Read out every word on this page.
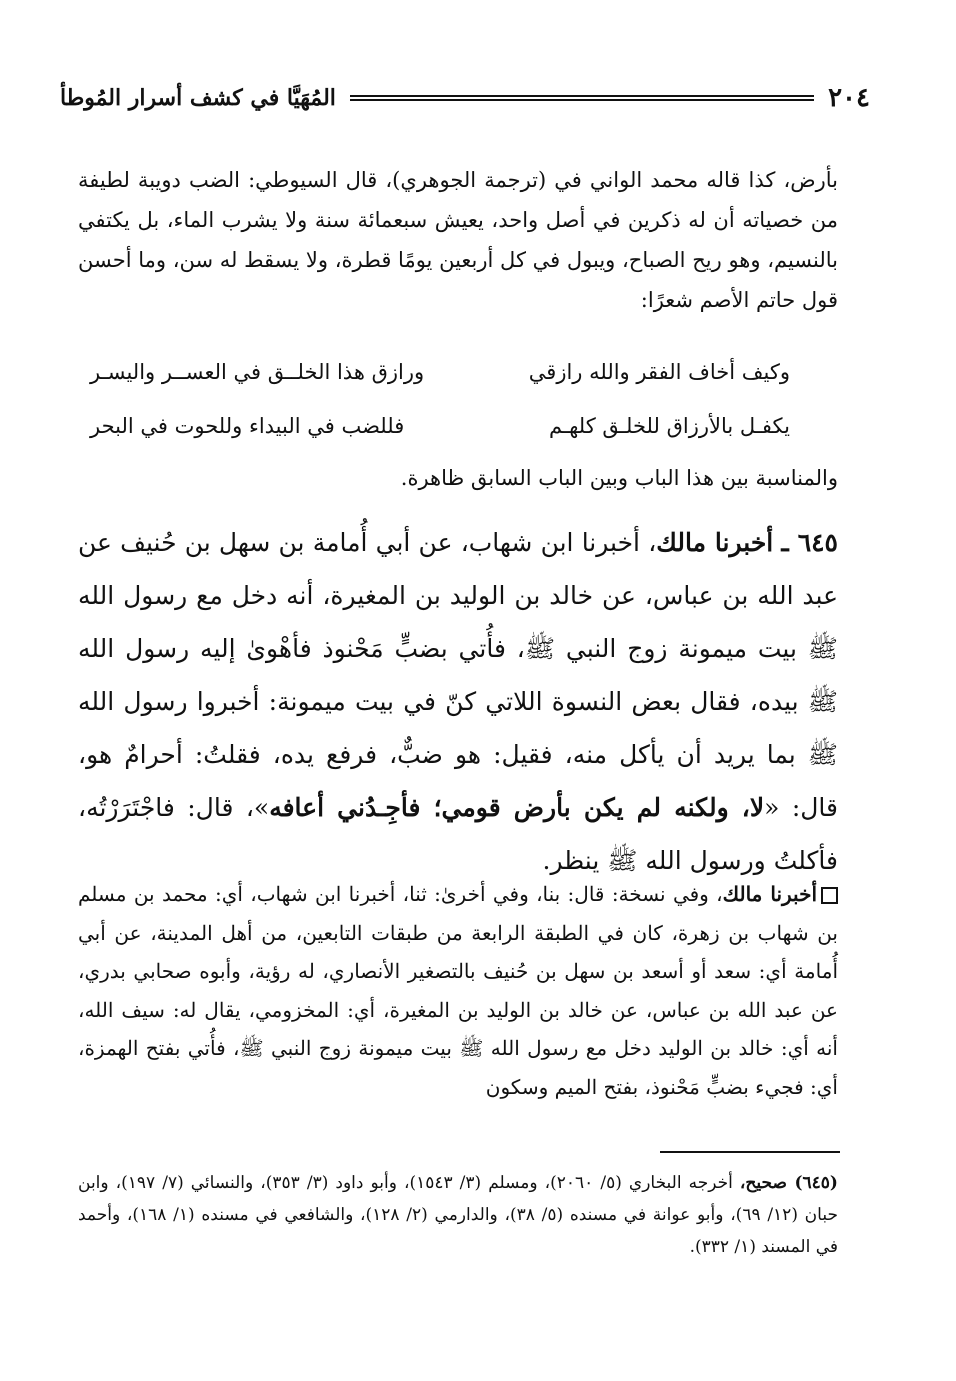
٢٠٤
المُهَيَّا في كشف أسرار المُوطأ
بأرض، كذا قاله محمد الواني في (ترجمة الجوهري)، قال السيوطي: الضب دويبة لطيفة من خصياته أن له ذكرين في أصل واحد، يعيش سبعمائة سنة ولا يشرب الماء، بل يكتفي بالنسيم، وهو ريح الصباح، ويبول في كل أربعين يومًا قطرة، ولا يسقط له سن، وما أحسن قول حاتم الأصم شعرًا:
وكيف أخاف الفقر والله رازقي
ورازق هذا الخلــق في العســر واليسـر
يكفـل بالأرزاق للخلـق كلهـم
فللضب في البيداء وللحوت في البحر
والمناسبة بين هذا الباب وبين الباب السابق ظاهرة.
٦٤٥ ـ أخبرنا مالك، أخبرنا ابن شهاب، عن أبي أُمامة بن سهل بن حُنيف عن عبد الله بن عباس، عن خالد بن الوليد بن المغيرة، أنه دخل مع رسول الله ﷺ بيت ميمونة زوج النبي ﷺ، فأُتي بضبٍّ مَحْنوذ فأهْوىٰ إليه رسول الله ﷺ بيده، فقال بعض النسوة اللاتي كنّ في بيت ميمونة: أخبروا رسول الله ﷺ بما يريد أن يأكل منه، فقيل: هو ضبٌّ، فرفع يده، فقلتُ: أحرامٌ هو، قال: «لا، ولكنه لم يكن بأرض قومي؛ فأجِـدُني أعافه»، قال: فاجْتَرَرْتُه، فأكلتُ ورسول الله ﷺ ينظر.
أخبرنا مالك، وفي نسخة: قال: بنا، وفي أخرىٰ: ثنا، أخبرنا ابن شهاب، أي: محمد بن مسلم بن شهاب بن زهرة، كان في الطبقة الرابعة من طبقات التابعين، من أهل المدينة، عن أبي أُمامة أي: سعد أو أسعد بن سهل بن حُنيف بالتصغير الأنصاري، له رؤية، وأبوه صحابي بدري، عن عبد الله بن عباس، عن خالد بن الوليد بن المغيرة، أي: المخزومي، يقال له: سيف الله، أنه أي: خالد بن الوليد دخل مع رسول الله ﷺ بيت ميمونة زوج النبي ﷺ، فأُتي بفتح الهمزة، أي: فجيء بضبٍّ مَحْنوذ، بفتح الميم وسكون
(٦٤٥) صحيح، أخرجه البخاري (٥/ ٢٠٦٠)، ومسلم (٣/ ١٥٤٣)، وأبو داود (٣/ ٣٥٣)، والنسائي (٧/ ١٩٧)، وابن حبان (١٢/ ٦٩)، وأبو عوانة في مسنده (٥/ ٣٨)، والدارمي (٢/ ١٢٨)، والشافعي في مسنده (١/ ١٦٨)، وأحمد في المسند (١/ ٣٣٢).
